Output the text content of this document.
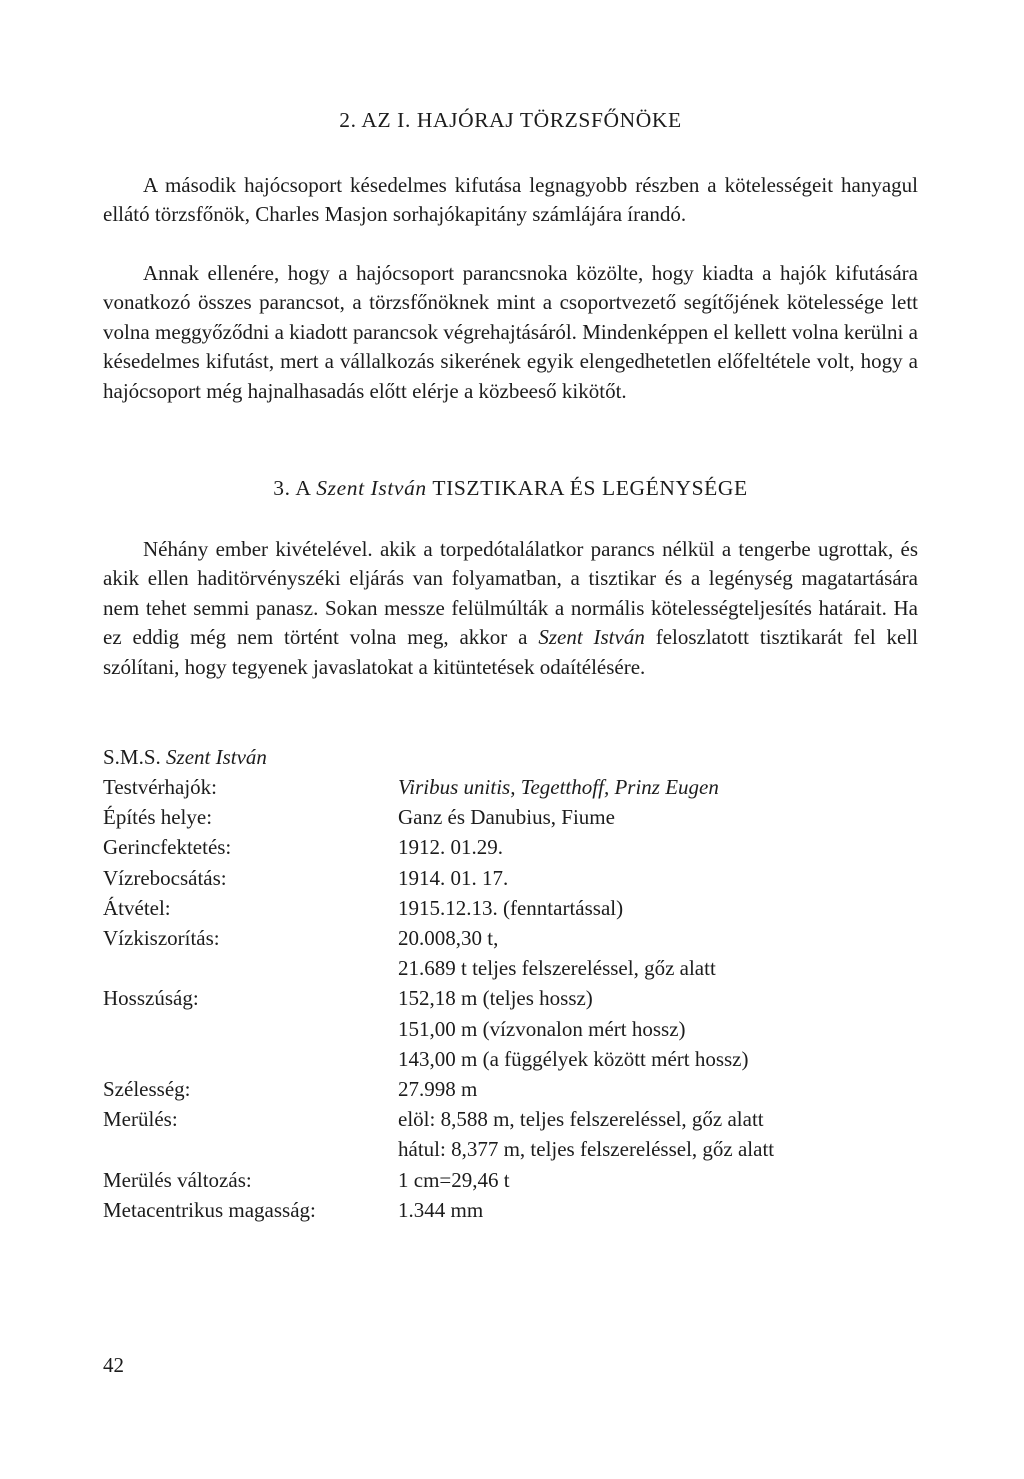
2. AZ I. HAJÓRAJ TÖRZSFŐNÖKE

A második hajócsoport késedelmes kifutása legnagyobb részben a kötelességeit hanyagul ellátó törzsfőnök, Charles Masjon sorhajókapitány számlájára írandó.

Annak ellenére, hogy a hajócsoport parancsnoka közölte, hogy kiadta a hajók kifutására vonatkozó összes parancsot, a törzsfőnöknek mint a csoportvezető segítőjének kötelessége lett volna meggyőződni a kiadott parancsok végrehajtásáról. Mindenképpen el kellett volna kerülni a késedelmes kifutást, mert a vállalkozás sikerének egyik elengedhetetlen előfeltétele volt, hogy a hajócsoport még hajnalhasadás előtt elérje a közbeeső kikötőt.

3. A Szent István TISZTIKARA ÉS LEGÉNYSÉGE

Néhány ember kivételével. akik a torpedótalálatkor parancs nélkül a tengerbe ugrottak, és akik ellen haditörvényszéki eljárás van folyamatban, a tisztikar és a legénység magatartására nem tehet semmi panasz. Sokan messze felülmúlták a normális kötelességteljesítés határait. Ha ez eddig még nem történt volna meg, akkor a Szent István feloszlatott tisztikarát fel kell szólítani, hogy tegyenek javaslatokat a kitüntetések odaítélésére.

S.M.S. Szent István

Testvérhajók:	Viribus unitis, Tegetthoff, Prinz Eugen
Építés helye:	Ganz és Danubius, Fiume
Gerincfektetés:	1912. 01.29.
Vízrebocsátás:	1914. 01. 17.
Átvétel:	1915.12.13. (fenntartással)
Vízkiszorítás:	20.008,30 t,
	21.689 t teljes felszereléssel, gőz alatt
Hosszúság:	152,18 m (teljes hossz)
	151,00 m (vízvonalon mért hossz)
	143,00 m (a függélyek között mért hossz)
Szélesség:	27.998 m
Merülés:	elöl: 8,588 m, teljes felszereléssel, gőz alatt
	hátul: 8,377 m, teljes felszereléssel, gőz alatt
Merülés változás:	1 cm=29,46 t
Metacentrikus magasság:	1.344 mm

42
